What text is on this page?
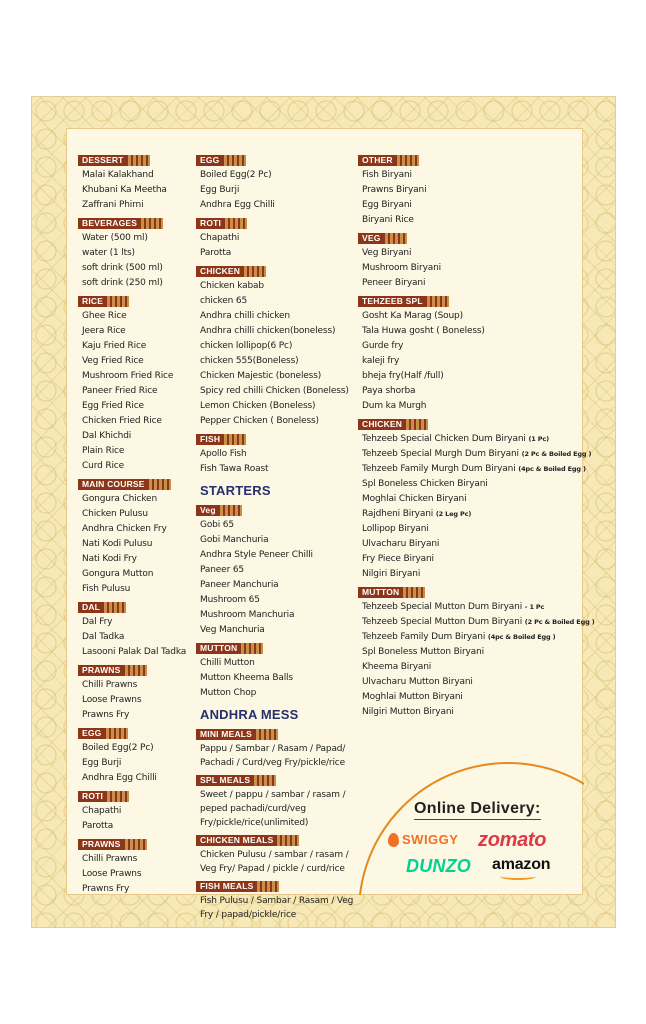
DESSERT

Malai Kalakhand
Khubani Ka Meetha
Zaffrani Phirni
BEVERAGES

Water (500 ml)
water (1 lts)
soft drink (500 ml)
soft drink (250 ml)
RICE

Ghee Rice
Jeera Rice
Kaju Fried Rice
Veg Fried Rice
Mushroom Fried Rice
Paneer Fried Rice
Egg Fried Rice
Chicken Fried Rice
Dal Khichdi
Plain Rice
Curd Rice
MAIN COURSE

Gongura Chicken
Chicken Pulusu
Andhra Chicken Fry
Nati Kodi Pulusu
Nati Kodi Fry
Gongura Mutton
Fish Pulusu
DAL

Dal Fry
Dal Tadka
Lasooni Palak Dal Tadka
PRAWNS

Chilli Prawns
Loose Prawns
Prawns Fry
EGG

Boiled Egg(2 Pc)
Egg Burji
Andhra Egg Chilli
ROTI

Chapathi
Parotta
PRAWNS

Chilli Prawns
Loose Prawns
Prawns Fry
EGG

Boiled Egg(2 Pc)
Egg Burji
Andhra Egg Chilli
ROTI

Chapathi
Parotta
CHICKEN

Chicken kabab
chicken 65
Andhra chilli chicken
Andhra chilli chicken(boneless)
chicken lollipop(6 Pc)
chicken 555(Boneless)
Chicken Majestic (boneless)
Spicy red chilli Chicken (Boneless)
Lemon Chicken (Boneless)
Pepper Chicken ( Boneless)
FISH

Apollo Fish
Fish Tawa Roast
STARTERS
Veg

Gobi 65
Gobi Manchuria
Andhra Style Peneer Chilli
Paneer 65
Paneer Manchuria
Mushroom 65
Mushroom Manchuria
Veg Manchuria
MUTTON

Chilli Mutton
Mutton Kheema Balls
Mutton Chop
ANDHRA MESS
MINI MEALS

Pappu / Sambar / Rasam / Papad/ Pachadi / Curd/veg Fry/pickle/rice
SPL MEALS

Sweet / pappu / sambar / rasam / peped pachadi/curd/veg Fry/pickle/rice(unlimited)
CHICKEN MEALS

Chicken Pulusu / sambar / rasam / Veg Fry/ Papad / pickle / curd/rice
FISH MEALS

Fish Pulusu / Sambar / Rasam / Veg Fry / papad/pickle/rice
OTHER

Fish Biryani
Prawns Biryani
Egg Biryani
Biryani Rice
VEG

Veg Biryani
Mushroom Biryani
Peneer Biryani
TEHZEEB SPL

Gosht Ka Marag (Soup)
Tala Huwa gosht ( Boneless)
Gurde fry
kaleji fry
bheja fry(Half /full)
Paya shorba
Dum ka Murgh
CHICKEN

Tehzeeb Special Chicken Dum Biryani (1 Pc)
Tehzeeb Special Murgh Dum Biryani (2 Pc & Boiled Egg )
Tehzeeb Family Murgh Dum Biryani (4pc & Boiled Egg )
Spl Boneless Chicken Biryani
Moghlai Chicken Biryani
Rajdheni Biryani (2 Leg Pc)
Lollipop Biryani
Ulvacharu Biryani
Fry Piece Biryani
Nilgiri Biryani
MUTTON

Tehzeeb Special Mutton Dum Biryani - 1 Pc
Tehzeeb Special Mutton Dum Biryani (2 Pc & Boiled Egg )
Tehzeeb Family Dum Biryani (4pc & Boiled Egg )
Spl Boneless Mutton Biryani
Kheema Biryani
Ulvacharu Mutton Biryani
Moghlai Mutton Biryani
Nilgiri Mutton Biryani
Online Delivery:
SWIGGY zomato
DUNZO amazon
